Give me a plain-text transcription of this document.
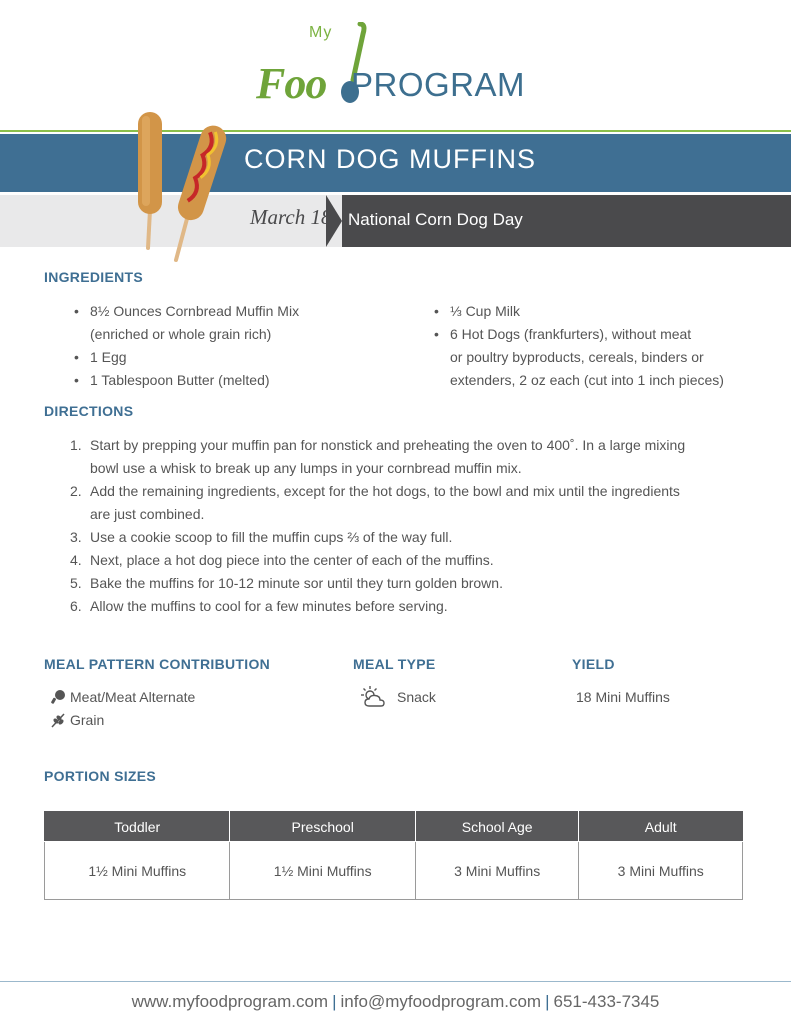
My
Foo PROGRAM
CORN DOG MUFFINS
March 18 National Corn Dog Day
INGREDIENTS
• 8½ Ounces Cornbread Muffin Mix
(enriched or whole grain rich)
• 1 Egg
• 1 Tablespoon Butter (melted)
• ⅓ Cup Milk
• 6 Hot Dogs (frankfurters), without meat
or poultry byproducts, cereals, binders or
extenders, 2 oz each (cut into 1 inch pieces)
DIRECTIONS
1. Start by prepping your muffin pan for nonstick and preheating the oven to 400˚. In a large mixing
bowl use a whisk to break up any lumps in your cornbread muffin mix.
2. Add the remaining ingredients, except for the hot dogs, to the bowl and mix until the ingredients
are just combined.
3. Use a cookie scoop to fill the muffin cups ⅔ of the way full.
4. Next, place a hot dog piece into the center of each of the muffins.
5. Bake the muffins for 10-12 minute sor until they turn golden brown.
6. Allow the muffins to cool for a few minutes before serving.
MEAL PATTERN CONTRIBUTION
Meat/Meat Alternate
Grain
MEAL TYPE
Snack
YIELD
18 Mini Muffins
PORTION SIZES
Toddler	Preschool	School Age	Adult
1½ Mini Muffins	1½ Mini Muffins	3 Mini Muffins	3 Mini Muffins
www.myfoodprogram.com | info@myfoodprogram.com | 651-433-7345
